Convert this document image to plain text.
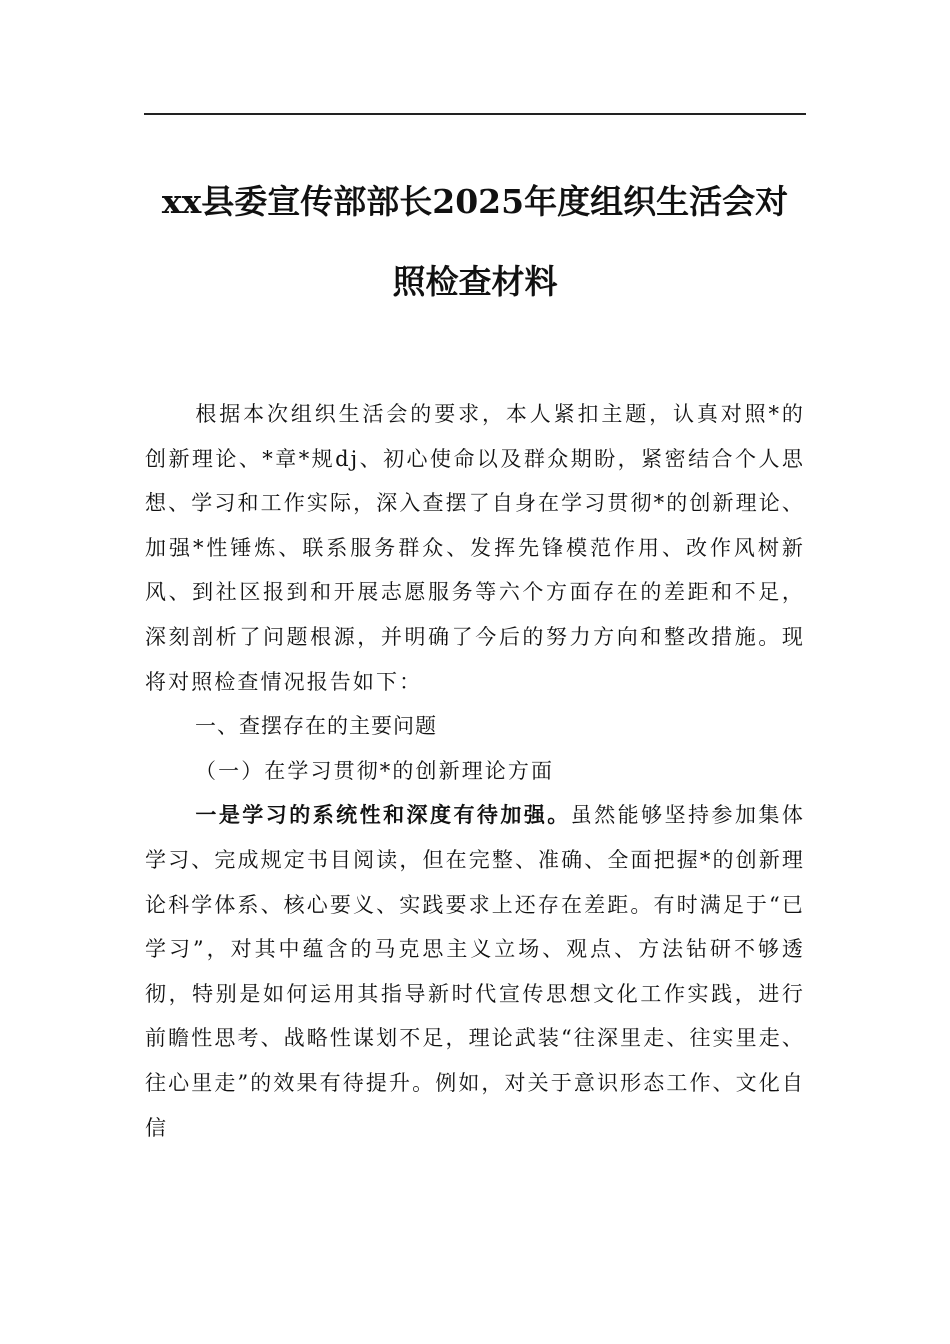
xx县委宣传部部长2025年度组织生活会对
照检查材料

根据本次组织生活会的要求，本人紧扣主题，认真对照*的创新理论、*章*规dj、初心使命以及群众期盼，紧密结合个人思想、学习和工作实际，深入查摆了自身在学习贯彻*的创新理论、加强*性锤炼、联系服务群众、发挥先锋模范作用、改作风树新风、到社区报到和开展志愿服务等六个方面存在的差距和不足，深刻剖析了问题根源，并明确了今后的努力方向和整改措施。现将对照检查情况报告如下：

一、查摆存在的主要问题

（一）在学习贯彻*的创新理论方面

一是学习的系统性和深度有待加强。虽然能够坚持参加集体学习、完成规定书目阅读，但在完整、准确、全面把握*的创新理论科学体系、核心要义、实践要求上还存在差距。有时满足于“已学习”，对其中蕴含的马克思主义立场、观点、方法钻研不够透彻，特别是如何运用其指导新时代宣传思想文化工作实践，进行前瞻性思考、战略性谋划不足，理论武装“往深里走、往实里走、往心里走”的效果有待提升。例如，对关于意识形态工作、文化自信
